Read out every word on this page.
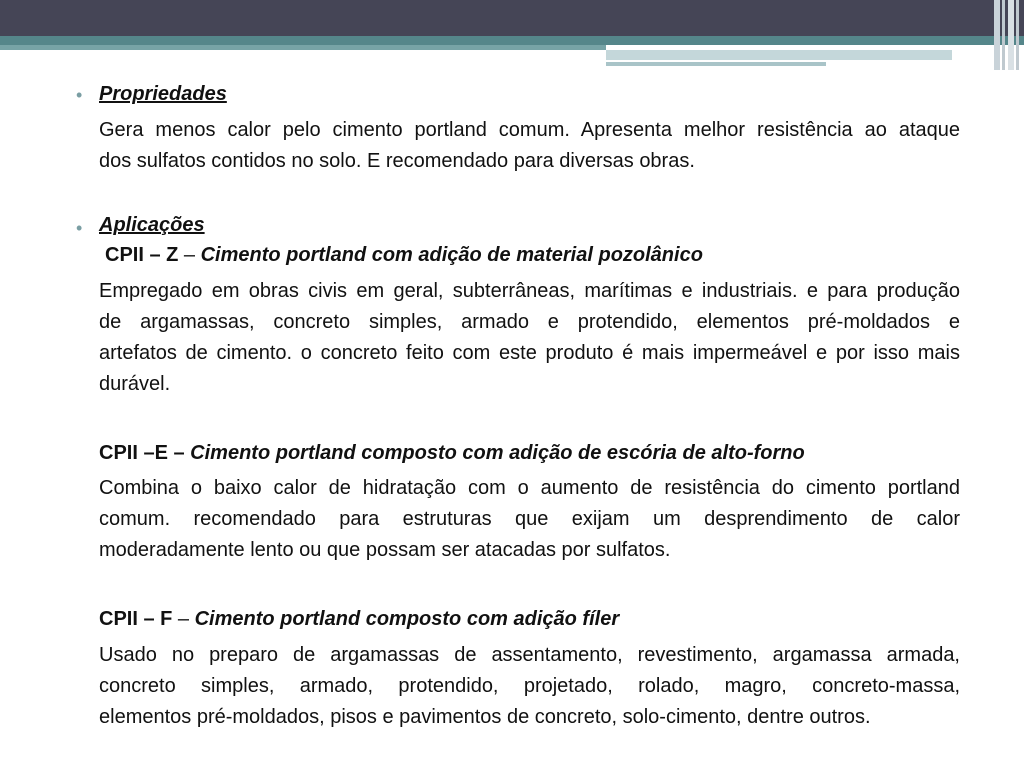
• Propriedades

Gera menos calor pelo cimento portland comum. Apresenta melhor resistência ao ataque

dos sulfatos contidos no solo. E recomendado para diversas obras.

• Aplicações

CPII – Z – Cimento portland com adição de material pozolânico

Empregado em obras civis em geral, subterrâneas, marítimas e industriais. e para produção

de argamassas, concreto simples, armado e protendido, elementos pré-moldados e

artefatos de cimento. o concreto feito com este produto é mais impermeável e por isso mais

durável.

CPII –E – Cimento portland composto com adição de escória de alto-forno

Combina o baixo calor de hidratação com o aumento de resistência do cimento portland

comum. recomendado para estruturas que exijam um desprendimento de calor

moderadamente lento ou que possam ser atacadas por sulfatos.

CPII – F – Cimento portland composto com adição fíler

Usado no preparo de argamassas de assentamento, revestimento, argamassa armada,

concreto simples, armado, protendido, projetado, rolado, magro, concreto-massa,

elementos pré-moldados, pisos e pavimentos de concreto, solo-cimento, dentre outros.
